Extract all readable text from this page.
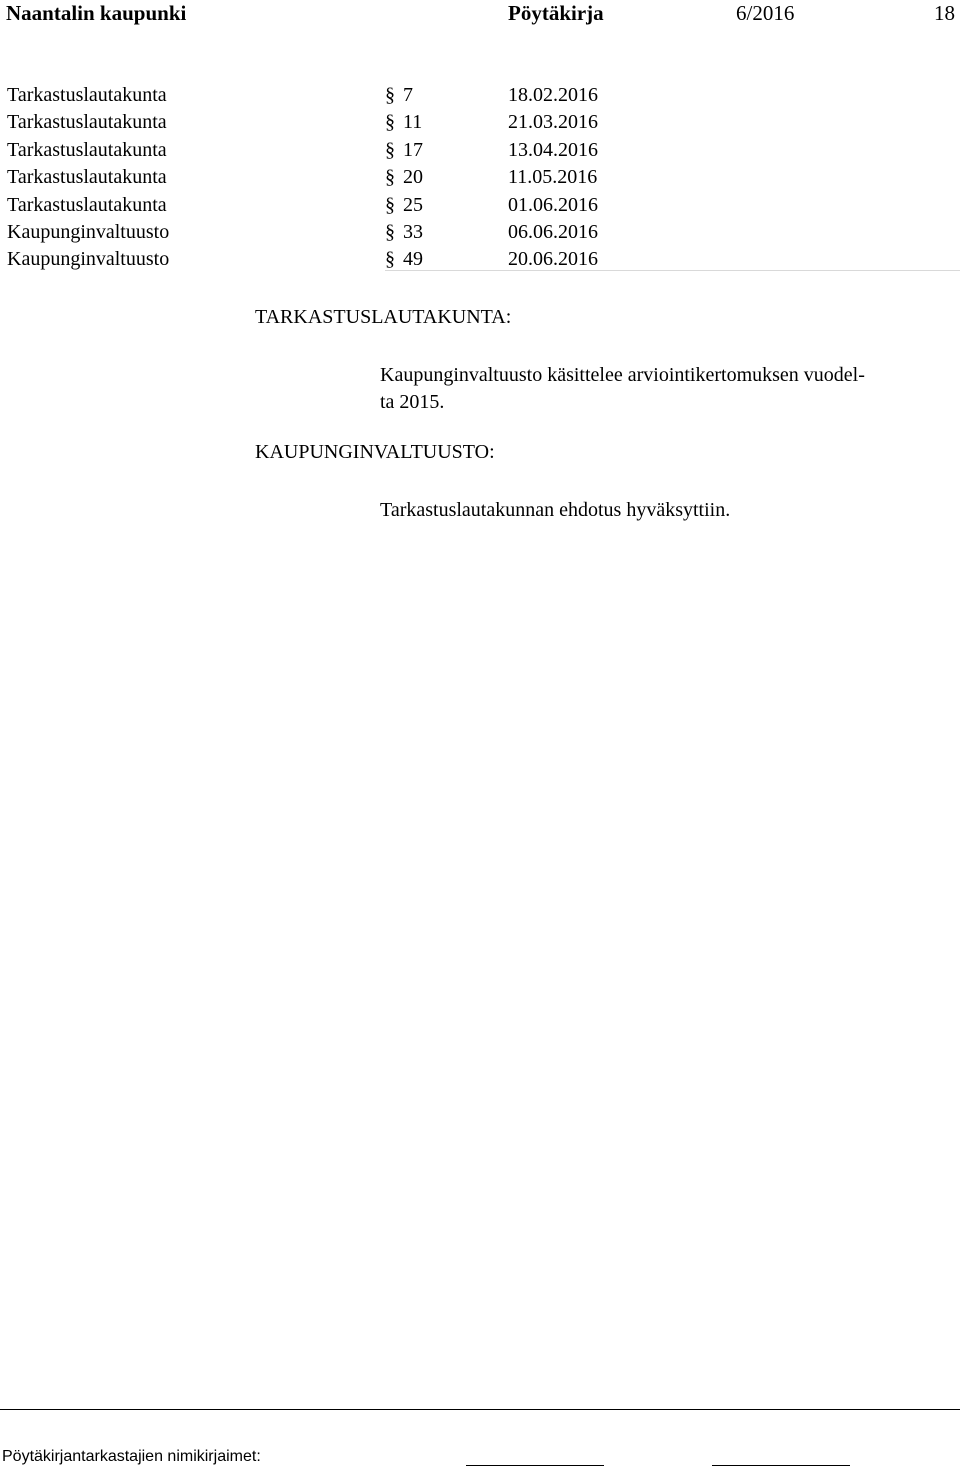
Naantalin kaupunki	Pöytäkirja	6/2016	18
Tarkastuslautakunta	§ 7	18.02.2016
Tarkastuslautakunta	§ 11	21.03.2016
Tarkastuslautakunta	§ 17	13.04.2016
Tarkastuslautakunta	§ 20	11.05.2016
Tarkastuslautakunta	§ 25	01.06.2016
Kaupunginvaltuusto	§ 33	06.06.2016
Kaupunginvaltuusto	§ 49	20.06.2016
TARKASTUSLAUTAKUNTA:
Kaupunginvaltuusto käsittelee arviointikertomuksen vuodel-
ta 2015.
KAUPUNGINVALTUUSTO:
Tarkastuslautakunnan ehdotus hyväksyttiin.
Pöytäkirjantarkastajien nimikirjaimet:
